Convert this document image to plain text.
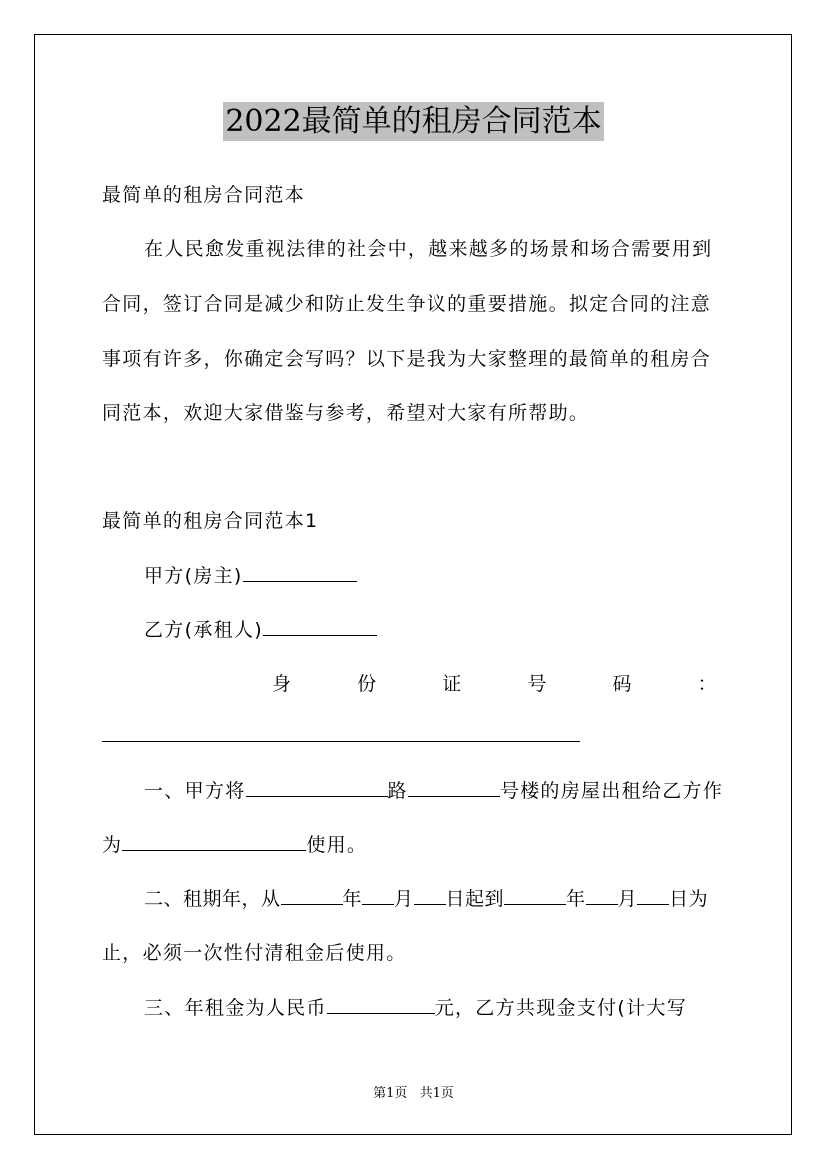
2022最简单的租房合同范本
最简单的租房合同范本
在人民愈发重视法律的社会中，越来越多的场景和场合需要用到
合同，签订合同是减少和防止发生争议的重要措施。拟定合同的注意
事项有许多，你确定会写吗？以下是我为大家整理的最简单的租房合
同范本，欢迎大家借鉴与参考，希望对大家有所帮助。
最简单的租房合同范本1
甲方(房主)
乙方(承租人)
身	份	证	号	码	：
一、甲方将	路	号楼的房屋出租给乙方作
为	使用。
二、租期年，从	年 月 日起到	年 月 日为
止，必须一次性付清租金后使用。
三、年租金为人民币	元，乙方共现金支付(计大写
第1页 共1页
